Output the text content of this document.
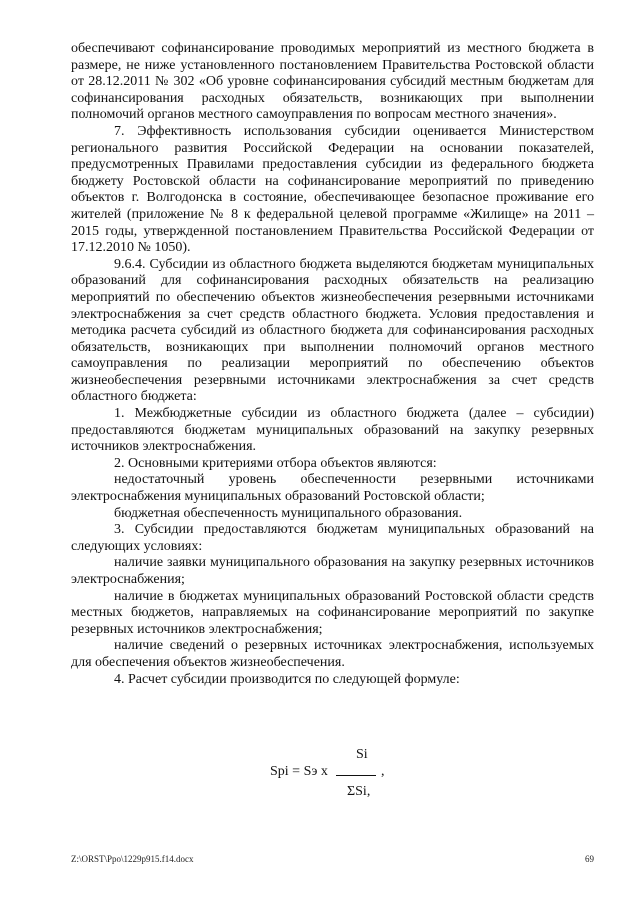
обеспечивают софинансирование проводимых мероприятий из местного бюджета в размере, не ниже установленного постановлением Правительства Ростовской области от 28.12.2011 № 302 «Об уровне софинансирования субсидий местным бюджетам для софинансирования расходных обязательств, возникающих при выполнении полномочий органов местного самоуправления по вопросам местного значения».

7. Эффективность использования субсидии оценивается Министерством регионального развития Российской Федерации на основании показателей, предусмотренных Правилами предоставления субсидии из федерального бюджета бюджету Ростовской области на софинансирование мероприятий по приведению объектов г. Волгодонска в состояние, обеспечивающее безопасное проживание его жителей (приложение № 8 к федеральной целевой программе «Жилище» на 2011 – 2015 годы, утвержденной постановлением Правительства Российской Федерации от 17.12.2010 № 1050).

9.6.4. Субсидии из областного бюджета выделяются бюджетам муниципальных образований для софинансирования расходных обязательств на реализацию мероприятий по обеспечению объектов жизнеобеспечения резервными источниками электроснабжения за счет средств областного бюджета. Условия предоставления и методика расчета субсидий из областного бюджета для софинансирования расходных обязательств, возникающих при выполнении полномочий органов местного самоуправления по реализации мероприятий по обеспечению объектов жизнеобеспечения резервными источниками электроснабжения за счет средств областного бюджета:

1. Межбюджетные субсидии из областного бюджета (далее – субсидии) предоставляются бюджетам муниципальных образований на закупку резервных источников электроснабжения.

2. Основными критериями отбора объектов являются:

недостаточный уровень обеспеченности резервными источниками электроснабжения муниципальных образований Ростовской области;

бюджетная обеспеченность муниципального образования.

3. Субсидии предоставляются бюджетам муниципальных образований на следующих условиях:

наличие заявки муниципального образования на закупку резервных источников электроснабжения;

наличие в бюджетах муниципальных образований Ростовской области средств местных бюджетов, направляемых на софинансирование мероприятий по закупке резервных источников электроснабжения;

наличие сведений о резервных источниках электроснабжения, используемых для обеспечения объектов жизнеобеспечения.

4. Расчет субсидии производится по следующей формуле:

Si
Spi = Sэ x	,
ΣSi,
Z:\ORST\Ppo\1229p915.f14.docx	69
